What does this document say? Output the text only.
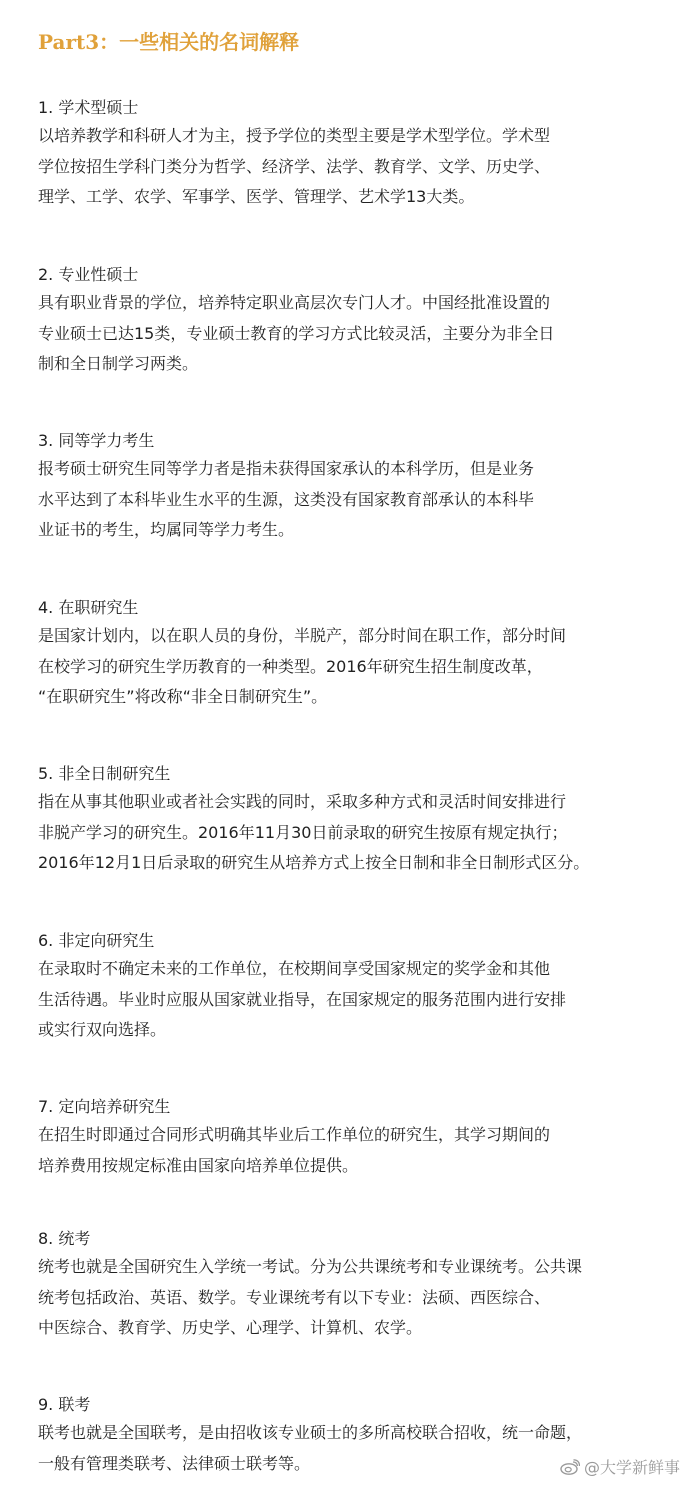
Part3：一些相关的名词解释

1. 学术型硕士

以培养教学和科研人才为主，授予学位的类型主要是学术型学位。学术型

学位按招生学科门类分为哲学、经济学、法学、教育学、文学、历史学、

理学、工学、农学、军事学、医学、管理学、艺术学13大类。

2. 专业性硕士

具有职业背景的学位，培养特定职业高层次专门人才。中国经批准设置的

专业硕士已达15类，专业硕士教育的学习方式比较灵活，主要分为非全日

制和全日制学习两类。

3. 同等学力考生

报考硕士研究生同等学力者是指未获得国家承认的本科学历，但是业务

水平达到了本科毕业生水平的生源，这类没有国家教育部承认的本科毕

业证书的考生，均属同等学力考生。

4. 在职研究生

是国家计划内，以在职人员的身份，半脱产，部分时间在职工作，部分时间

在校学习的研究生学历教育的一种类型。2016年研究生招生制度改革，

“在职研究生”将改称“非全日制研究生”。

5. 非全日制研究生

指在从事其他职业或者社会实践的同时，采取多种方式和灵活时间安排进行

非脱产学习的研究生。2016年11月30日前录取的研究生按原有规定执行；

2016年12月1日后录取的研究生从培养方式上按全日制和非全日制形式区分。

6. 非定向研究生

在录取时不确定未来的工作单位，在校期间享受国家规定的奖学金和其他

生活待遇。毕业时应服从国家就业指导，在国家规定的服务范围内进行安排

或实行双向选择。

7. 定向培养研究生

在招生时即通过合同形式明确其毕业后工作单位的研究生，其学习期间的

培养费用按规定标准由国家向培养单位提供。

8. 统考

统考也就是全国研究生入学统一考试。分为公共课统考和专业课统考。公共课

统考包括政治、英语、数学。专业课统考有以下专业：法硕、西医综合、

中医综合、教育学、历史学、心理学、计算机、农学。

9. 联考

联考也就是全国联考，是由招收该专业硕士的多所高校联合招收，统一命题，

一般有管理类联考、法律硕士联考等。	@大学新鲜事
